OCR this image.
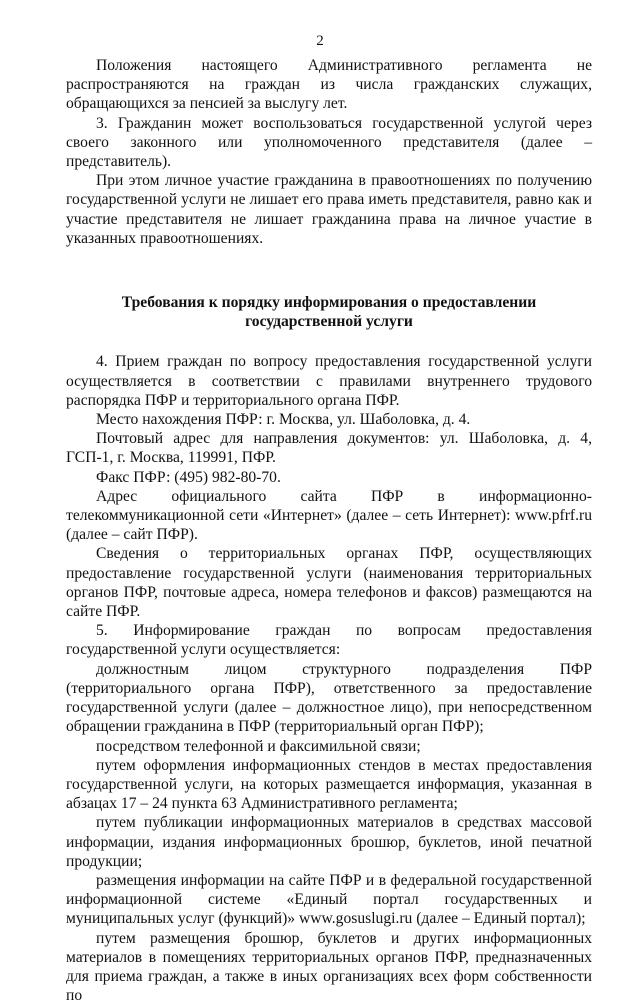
2

Положения настоящего Административного регламента не распространяются на граждан из числа гражданских служащих, обращающихся за пенсией за выслугу лет.

3. Гражданин может воспользоваться государственной услугой через своего законного или уполномоченного представителя (далее – представитель).

При этом личное участие гражданина в правоотношениях по получению государственной услуги не лишает его права иметь представителя, равно как и участие представителя не лишает гражданина права на личное участие в указанных правоотношениях.

Требования к порядку информирования о предоставлении
государственной услуги

4. Прием граждан по вопросу предоставления государственной услуги осуществляется в соответствии с правилами внутреннего трудового распорядка ПФР и территориального органа ПФР.

Место нахождения ПФР: г. Москва, ул. Шаболовка, д. 4.

Почтовый адрес для направления документов: ул. Шаболовка, д. 4, ГСП-1, г. Москва, 119991, ПФР.

Факс ПФР: (495) 982-80-70.

Адрес официального сайта ПФР в информационно-телекоммуникационной сети «Интернет» (далее – сеть Интернет): www.pfrf.ru (далее – сайт ПФР).

Сведения о территориальных органах ПФР, осуществляющих предоставление государственной услуги (наименования территориальных органов ПФР, почтовые адреса, номера телефонов и факсов) размещаются на сайте ПФР.

5. Информирование граждан по вопросам предоставления государственной услуги осуществляется:

должностным лицом структурного подразделения ПФР (территориального органа ПФР), ответственного за предоставление государственной услуги (далее – должностное лицо), при непосредственном обращении гражданина в ПФР (территориальный орган ПФР);

посредством телефонной и факсимильной связи;

путем оформления информационных стендов в местах предоставления государственной услуги, на которых размещается информация, указанная в абзацах 17 – 24 пункта 63 Административного регламента;

путем публикации информационных материалов в средствах массовой информации, издания информационных брошюр, буклетов, иной печатной продукции;

размещения информации на сайте ПФР и в федеральной государственной информационной системе «Единый портал государственных и муниципальных услуг (функций)» www.gosuslugi.ru (далее – Единый портал);

путем размещения брошюр, буклетов и других информационных материалов в помещениях территориальных органов ПФР, предназначенных для приема граждан, а также в иных организациях всех форм собственности по
